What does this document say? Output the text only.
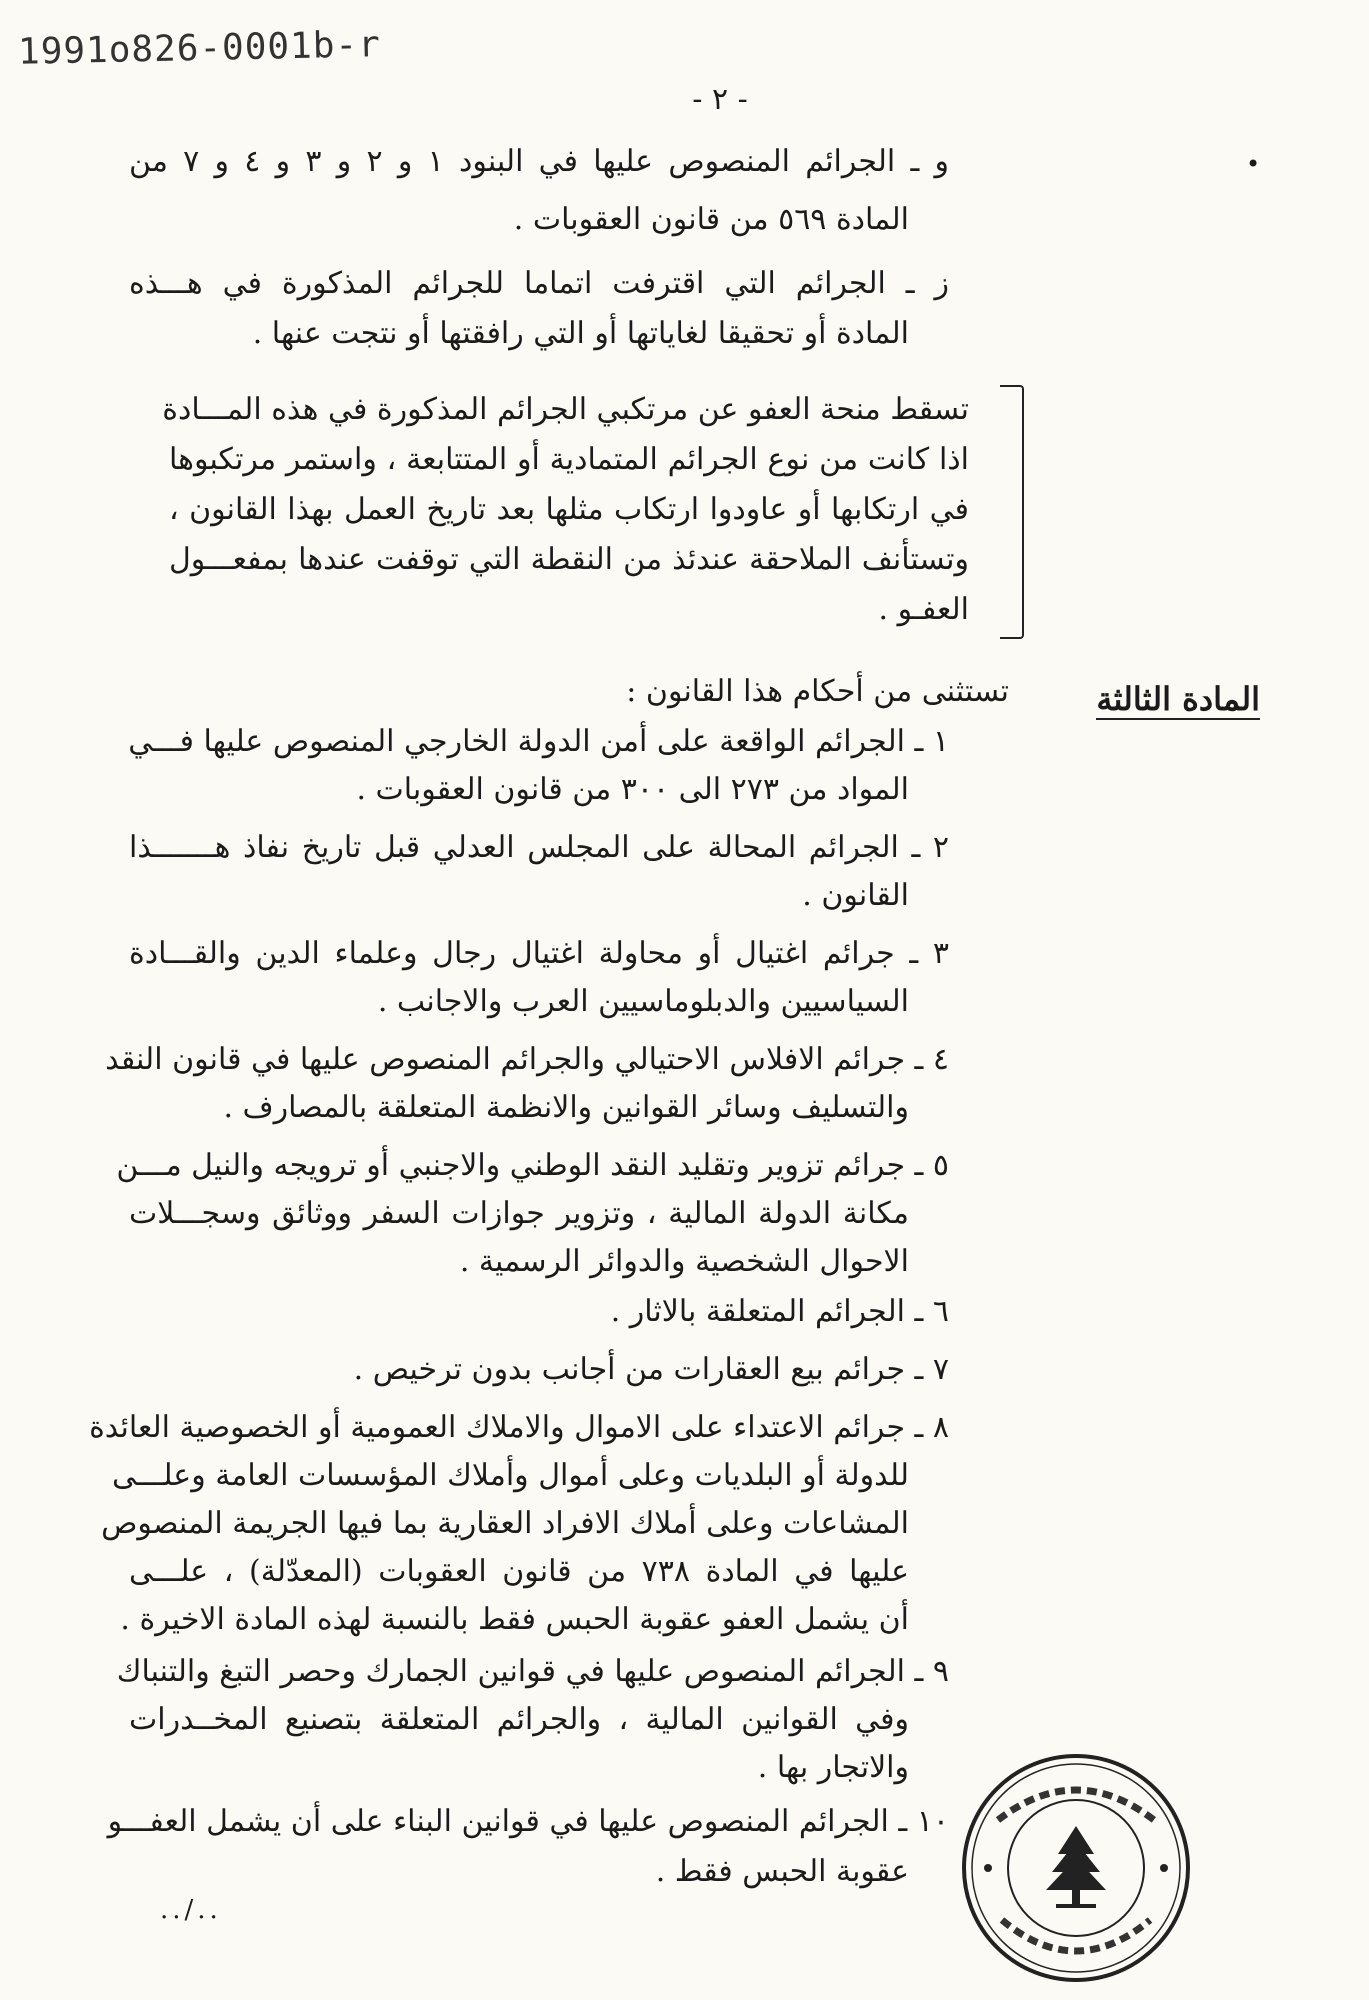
1991o826-0001b-r
- ٢ -
•
و ـ الجرائم المنصوص عليها في البنود ١ و ٢ و ٣ و ٤ و ٧ من
المادة ٥٦٩ من قانون العقوبات .
ز ـ الجرائم التي اقترفت اتماما للجرائم المذكورة في هـــذه
المادة أو تحقيقا لغاياتها أو التي رافقتها أو نتجت عنها .
تسقط منحة العفو عن مرتكبي الجرائم المذكورة في هذه المـــادة
اذا كانت من نوع الجرائم المتمادية أو المتتابعة ، واستمر مرتكبوها
في ارتكابها أو عاودوا ارتكاب مثلها بعد تاريخ العمل بهذا القانون ،
وتستأنف الملاحقة عندئذ من النقطة التي توقفت عندها بمفعـــول
العفـو .
المادة الثالثة
تستثنى من أحكام هذا القانون :
١ ـ الجرائم الواقعة على أمن الدولة الخارجي المنصوص عليها فـــي
المواد من ٢٧٣ الى ٣٠٠ من قانون العقوبات .
٢ ـ الجرائم المحالة على المجلس العدلي قبل تاريخ نفاذ هـــــــذا
القانون .
٣ ـ جرائم اغتيال أو محاولة اغتيال رجال وعلماء الدين والقـــادة
السياسيين والدبلوماسيين العرب والاجانب .
٤ ـ جرائم الافلاس الاحتيالي والجرائم المنصوص عليها في قانون النقد
والتسليف وسائر القوانين والانظمة المتعلقة بالمصارف .
٥ ـ جرائم تزوير وتقليد النقد الوطني والاجنبي أو ترويجه والنيل مـــن
مكانة الدولة المالية ، وتزوير جوازات السفر ووثائق وسجـــلات
الاحوال الشخصية والدوائر الرسمية .
٦ ـ الجرائم المتعلقة بالاثار .
٧ ـ جرائم بيع العقارات من أجانب بدون ترخيص .
٨ ـ جرائم الاعتداء على الاموال والاملاك العمومية أو الخصوصية العائدة
للدولة أو البلديات وعلى أموال وأملاك المؤسسات العامة وعلـــى
المشاعات وعلى أملاك الافراد العقارية بما فيها الجريمة المنصوص
عليها في المادة ٧٣٨ من قانون العقوبات (المعدّلة) ، علـــى
أن يشمل العفو عقوبة الحبس فقط بالنسبة لهذه المادة الاخيرة .
٩ ـ الجرائم المنصوص عليها في قوانين الجمارك وحصر التبغ والتنباك
وفي القوانين المالية ، والجرائم المتعلقة بتصنيع المخــدرات
والاتجار بها .
١٠ ـ الجرائم المنصوص عليها في قوانين البناء على أن يشمل العفـــو
عقوبة الحبس فقط .
../..
